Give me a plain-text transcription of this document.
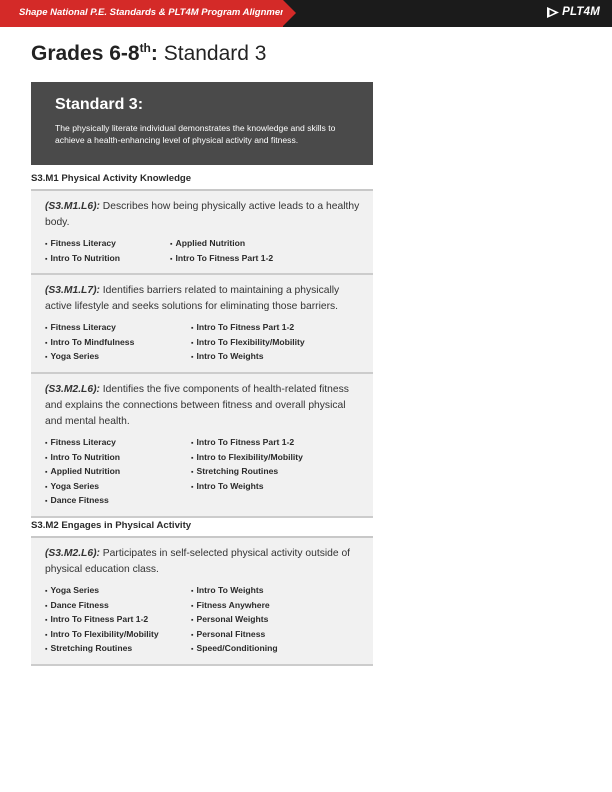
Shape National P.E. Standards & PLT4M Program Alignment	PLT4M
Grades 6-8th: Standard 3
Standard 3:
The physically literate individual demonstrates the knowledge and skills to achieve a health-enhancing level of physical activity and fitness.
S3.M1 Physical Activity Knowledge

(S3.M1.L6): Describes how being physically active leads to a healthy body.

▪ Fitness Literacy
▪ Intro To Nutrition
▪ Applied Nutrition
▪ Intro To Fitness Part 1-2

(S3.M1.L7): Identifies barriers related to maintaining a physically active lifestyle and seeks solutions for eliminating those barriers.

▪ Fitness Literacy
▪ Intro To Mindfulness
▪ Yoga Series
▪ Intro To Fitness Part 1-2
▪ Intro To Flexibility/Mobility
▪ Intro To Weights

(S3.M2.L6): Identifies the five components of health-related fitness and explains the connections between fitness and overall physical and mental health.

▪ Fitness Literacy
▪ Intro To Nutrition
▪ Applied Nutrition
▪ Yoga Series
▪ Dance Fitness
▪ Intro To Fitness Part 1-2
▪ Intro to Flexibility/Mobility
▪ Stretching Routines
▪ Intro To Weights
S3.M2 Engages in Physical Activity

(S3.M2.L6): Participates in self-selected physical activity outside of physical education class.

▪ Yoga Series
▪ Dance Fitness
▪ Intro To Fitness Part 1-2
▪ Intro To Flexibility/Mobility
▪ Stretching Routines
▪ Intro To Weights
▪ Fitness Anywhere
▪ Personal Weights
▪ Personal Fitness
▪ Speed/Conditioning
